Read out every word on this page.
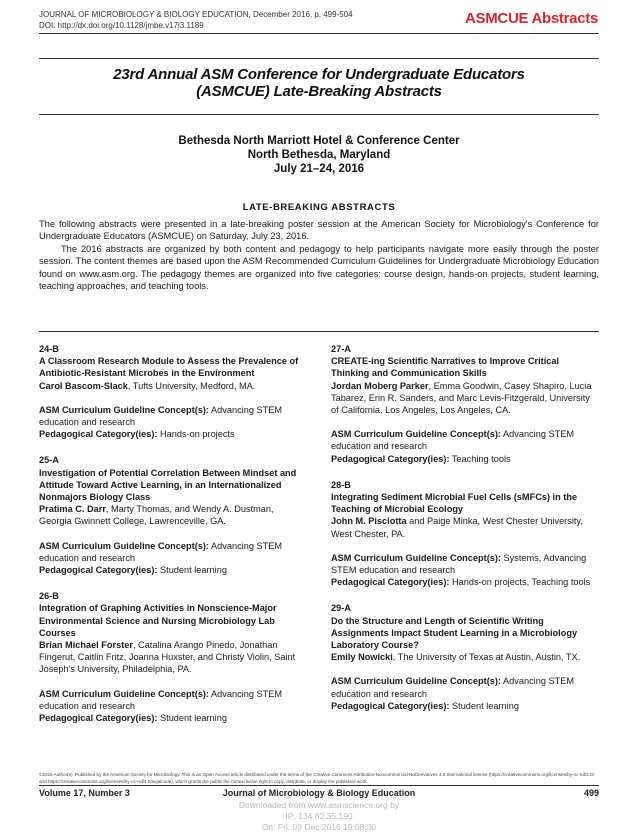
JOURNAL OF MICROBIOLOGY & BIOLOGY EDUCATION, December 2016, p. 499-504
DOI: http://dx.doi.org/10.1128/jmbe.v17i3.1189	ASMCUE Abstracts
23rd Annual ASM Conference for Undergraduate Educators
(ASMCUE) Late-Breaking Abstracts
Bethesda North Marriott Hotel & Conference Center
North Bethesda, Maryland
July 21–24, 2016
LATE-BREAKING ABSTRACTS

The following abstracts were presented in a late-breaking poster session at the American Society for Microbiology's Conference for Undergraduate Educators (ASMCUE) on Saturday, July 23, 2016.

The 2016 abstracts are organized by both content and pedagogy to help participants navigate more easily through the poster session. The content themes are based upon the ASM Recommended Curriculum Guidelines for Undergraduate Microbiology Education found on www.asm.org. The pedagogy themes are organized into five categories: course design, hands-on projects, student learning, teaching approaches, and teaching tools.

24-B
A Classroom Research Module to Assess the Prevalence of Antibiotic-Resistant Microbes in the Environment

Carol Bascom-Slack, Tufts University, Medford, MA.

ASM Curriculum Guideline Concept(s): Advancing STEM education and research
Pedagogical Category(ies): Hands-on projects
25-A
Investigation of Potential Correlation Between Mindset and Attitude Toward Active Learning, in an Internationalized Nonmajors Biology Class

Pratima C. Darr, Marty Thomas, and Wendy A. Dustman, Georgia Gwinnett College, Lawrenceville, GA.

ASM Curriculum Guideline Concept(s): Advancing STEM education and research
Pedagogical Category(ies): Student learning
26-B
Integration of Graphing Activities in Nonscience-Major Environmental Science and Nursing Microbiology Lab Courses

Brian Michael Forster, Catalina Arango Pinedo, Jonathan Fingerut, Caitlin Fritz, Joanna Huxster, and Christy Violin, Saint Joseph's University, Philadelphia, PA.

ASM Curriculum Guideline Concept(s): Advancing STEM education and research
Pedagogical Category(ies): Student learning
27-A
CREATE-ing Scientific Narratives to Improve Critical Thinking and Communication Skills

Jordan Moberg Parker, Emma Goodwin, Casey Shapiro, Lucia Tabarez, Erin R. Sanders, and Marc Levis-Fitzgerald, University of California, Los Angeles, Los Angeles, CA.

ASM Curriculum Guideline Concept(s): Advancing STEM education and research
Pedagogical Category(ies): Teaching tools
28-B
Integrating Sediment Microbial Fuel Cells (sMFCs) in the Teaching of Microbial Ecology

John M. Pisciotta and Paige Minka, West Chester University, West Chester, PA.

ASM Curriculum Guideline Concept(s): Systems, Advancing STEM education and research
Pedagogical Category(ies): Hands-on projects, Teaching tools
29-A
Do the Structure and Length of Scientific Writing Assignments Impact Student Learning in a Microbiology Laboratory Course?

Emily Nowicki, The University of Texas at Austin, Austin, TX.

ASM Curriculum Guideline Concept(s): Advancing STEM education and research
Pedagogical Category(ies): Student learning
©2016 Author(s). Published by the American Society for Microbiology. This is an Open Access article distributed under the terms of the Creative Commons Attribution-Noncommercial-NoDerivatives 4.0 International license (https://creativecommons.org/licenses/by-nc-nd/4.0/ and https://creativecommons.org/licenses/by-nc-nd/4.0/legalcode), which grants the public the nonexclusive right to copy, distribute, or display the published work.
Volume 17, Number 3	Journal of Microbiology & Biology Education	499
Downloaded from www.asmscience.org by
IP: 134.82.35.190
On: Fri, 09 Dec 2016 19:08:30
